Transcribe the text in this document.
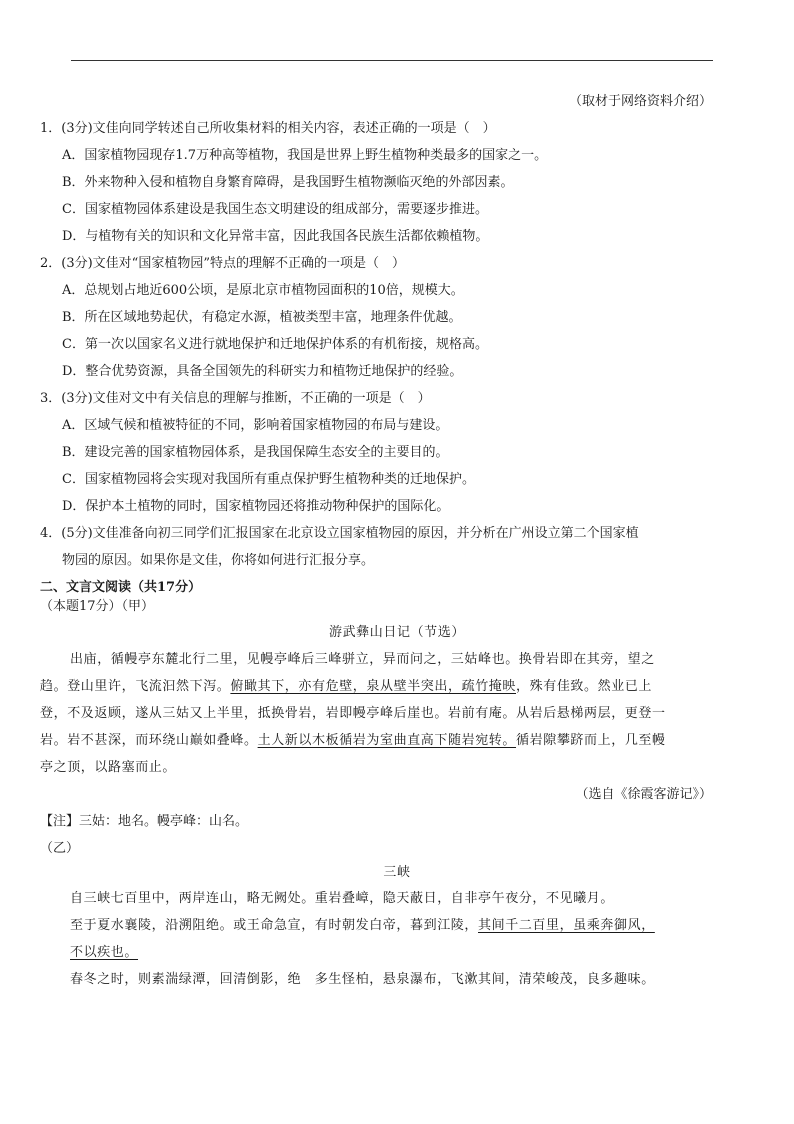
（取材于网络资料介绍）
1．(3分)文佳向同学转述自己所收集材料的相关内容，表述正确的一项是（　）
A．国家植物园现存1.7万种高等植物，我国是世界上野生植物种类最多的国家之一。
B．外来物种入侵和植物自身繁育障碍，是我国野生植物濒临灭绝的外部因素。
C．国家植物园体系建设是我国生态文明建设的组成部分，需要逐步推进。
D．与植物有关的知识和文化异常丰富，因此我国各民族生活都依赖植物。
2．(3分)文佳对“国家植物园”特点的理解不正确的一项是（　）
A．总规划占地近600公顷，是原北京市植物园面积的10倍，规模大。
B．所在区域地势起伏，有稳定水源，植被类型丰富，地理条件优越。
C．第一次以国家名义进行就地保护和迁地保护体系的有机衔接，规格高。
D．整合优势资源，具备全国领先的科研实力和植物迁地保护的经验。
3．(3分)文佳对文中有关信息的理解与推断，不正确的一项是（　）
A．区域气候和植被特征的不同，影响着国家植物园的布局与建设。
B．建设完善的国家植物园体系，是我国保障生态安全的主要目的。
C．国家植物园将会实现对我国所有重点保护野生植物种类的迁地保护。
D．保护本土植物的同时，国家植物园还将推动物种保护的国际化。
4．(5分)文佳准备向初三同学们汇报国家在北京设立国家植物园的原因，并分析在广州设立第二个国家植
物园的原因。如果你是文佳，你将如何进行汇报分享。
二、文言文阅读（共17分）
（本题17分）（甲）
游武彝山日记（节选）
出庙，循幔亭东麓北行二里，见幔亭峰后三峰骈立，异而问之，三姑峰也。换骨岩即在其旁，望之
趋。登山里许，飞流汩然下泻。俯瞰其下，亦有危壁，泉从壁半突出，疏竹掩映，殊有佳致。然业已上
登，不及返顾，遂从三姑又上半里，抵换骨岩，岩即幔亭峰后崖也。岩前有庵。从岩后悬梯两层，更登一
岩。岩不甚深，而环绕山巅如叠峰。土人新以木板循岩为室曲直高下随岩宛转。循岩隙攀跻而上，几至幔
亭之顶，以路塞而止。
（选自《徐霞客游记》）
【注】三姑：地名。幔亭峰：山名。
（乙）
三峡
自三峡七百里中，两岸连山，略无阙处。重岩叠嶂，隐天蔽日，自非亭午夜分，不见曦月。
至于夏水襄陵，沿溯阻绝。或王命急宣，有时朝发白帝，暮到江陵，其间千二百里，虽乘奔御风，
不以疾也。
春冬之时，则素湍绿潭，回清倒影，绝　多生怪柏，悬泉瀑布，飞漱其间，清荣峻茂，良多趣味。
